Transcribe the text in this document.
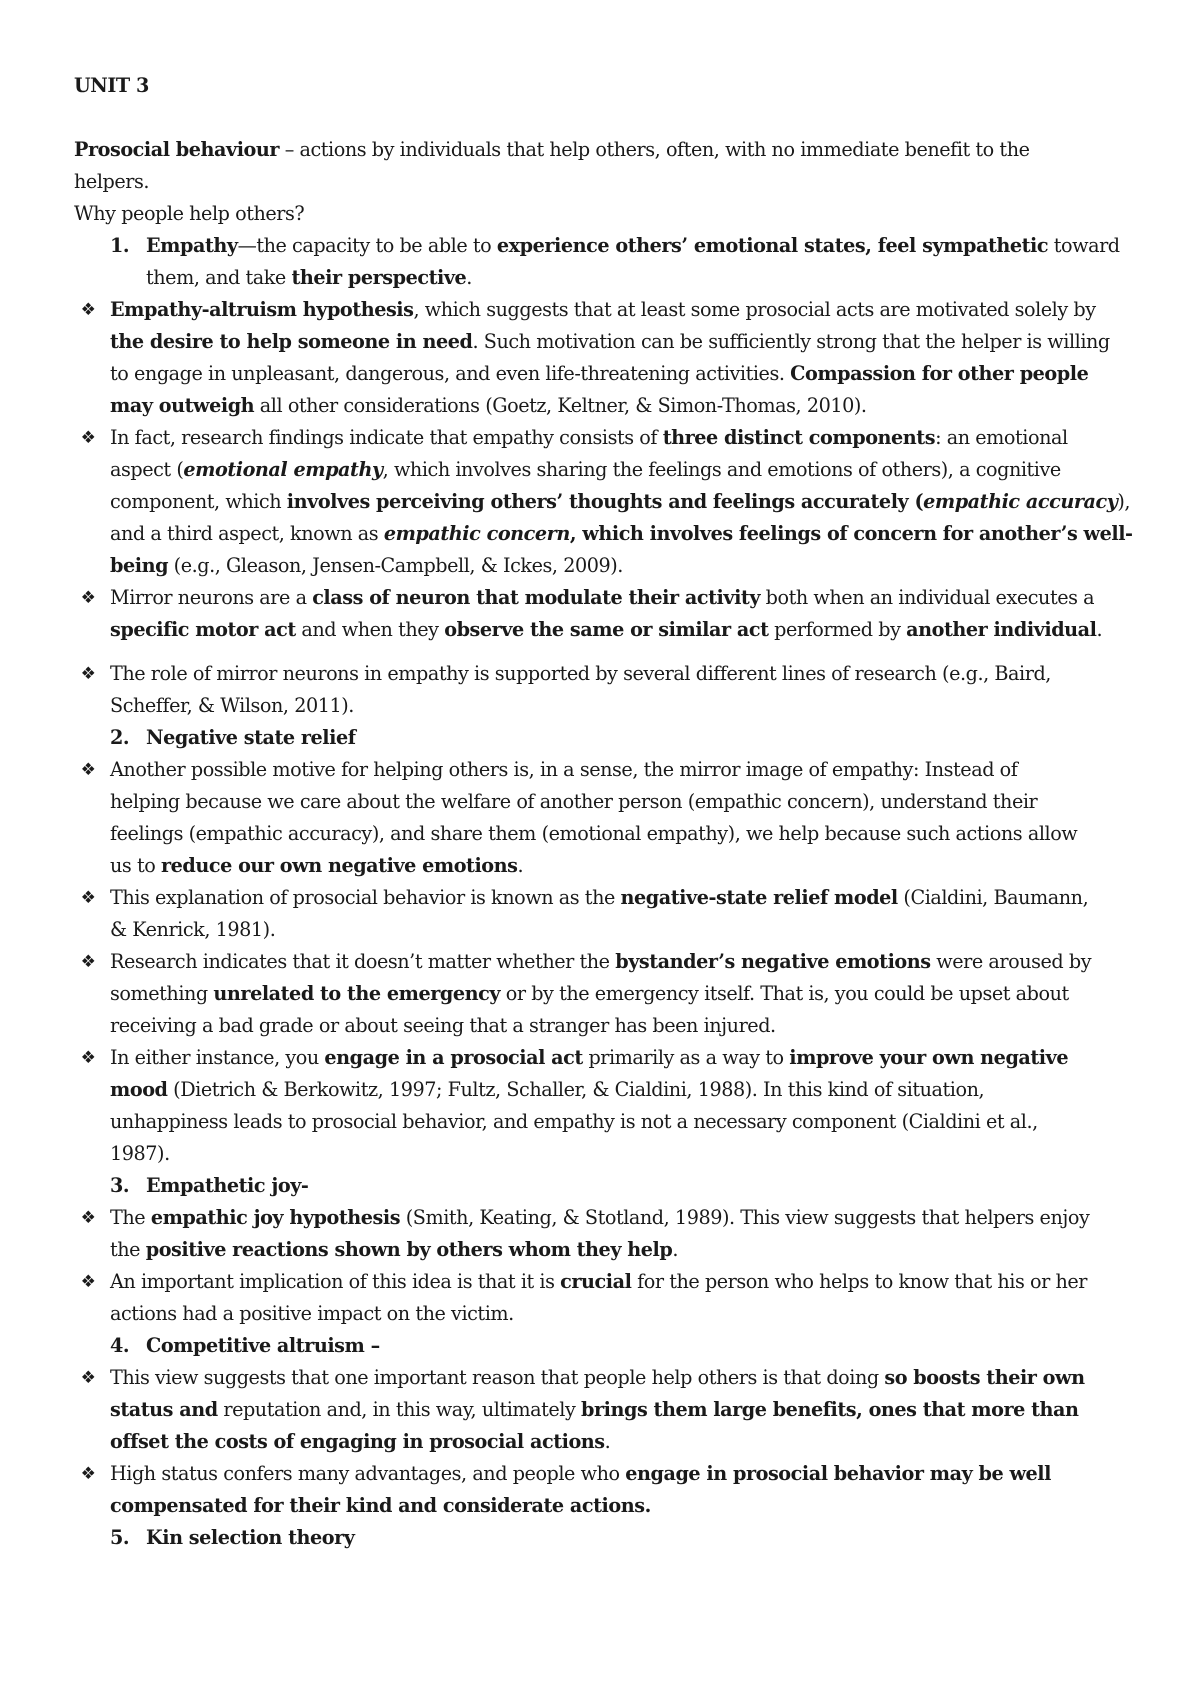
UNIT 3

Prosocial behaviour – actions by individuals that help others, often, with no immediate benefit to the
helpers.
Why people help others?
1. Empathy—the capacity to be able to experience others’ emotional states, feel sympathetic toward
them, and take their perspective.
❖ Empathy-altruism hypothesis, which suggests that at least some prosocial acts are motivated solely by
the desire to help someone in need. Such motivation can be sufficiently strong that the helper is willing
to engage in unpleasant, dangerous, and even life-threatening activities. Compassion for other people
may outweigh all other considerations (Goetz, Keltner, & Simon-Thomas, 2010).
❖ In fact, research findings indicate that empathy consists of three distinct components: an emotional
aspect (emotional empathy, which involves sharing the feelings and emotions of others), a cognitive
component, which involves perceiving others’ thoughts and feelings accurately (empathic accuracy),
and a third aspect, known as empathic concern, which involves feelings of concern for another’s well-
being (e.g., Gleason, Jensen-Campbell, & Ickes, 2009).
❖ Mirror neurons are a class of neuron that modulate their activity both when an individual executes a
specific motor act and when they observe the same or similar act performed by another individual.
❖ The role of mirror neurons in empathy is supported by several different lines of research (e.g., Baird,
Scheffer, & Wilson, 2011).
2. Negative state relief
❖ Another possible motive for helping others is, in a sense, the mirror image of empathy: Instead of
helping because we care about the welfare of another person (empathic concern), understand their
feelings (empathic accuracy), and share them (emotional empathy), we help because such actions allow
us to reduce our own negative emotions.
❖ This explanation of prosocial behavior is known as the negative-state relief model (Cialdini, Baumann,
& Kenrick, 1981).
❖ Research indicates that it doesn’t matter whether the bystander’s negative emotions were aroused by
something unrelated to the emergency or by the emergency itself. That is, you could be upset about
receiving a bad grade or about seeing that a stranger has been injured.
❖ In either instance, you engage in a prosocial act primarily as a way to improve your own negative
mood (Dietrich & Berkowitz, 1997; Fultz, Schaller, & Cialdini, 1988). In this kind of situation,
unhappiness leads to prosocial behavior, and empathy is not a necessary component (Cialdini et al.,
1987).
3. Empathetic joy-
❖ The empathic joy hypothesis (Smith, Keating, & Stotland, 1989). This view suggests that helpers enjoy
the positive reactions shown by others whom they help.
❖ An important implication of this idea is that it is crucial for the person who helps to know that his or her
actions had a positive impact on the victim.
4. Competitive altruism –
❖ This view suggests that one important reason that people help others is that doing so boosts their own
status and reputation and, in this way, ultimately brings them large benefits, ones that more than
offset the costs of engaging in prosocial actions.
❖ High status confers many advantages, and people who engage in prosocial behavior may be well
compensated for their kind and considerate actions.
5. Kin selection theory
